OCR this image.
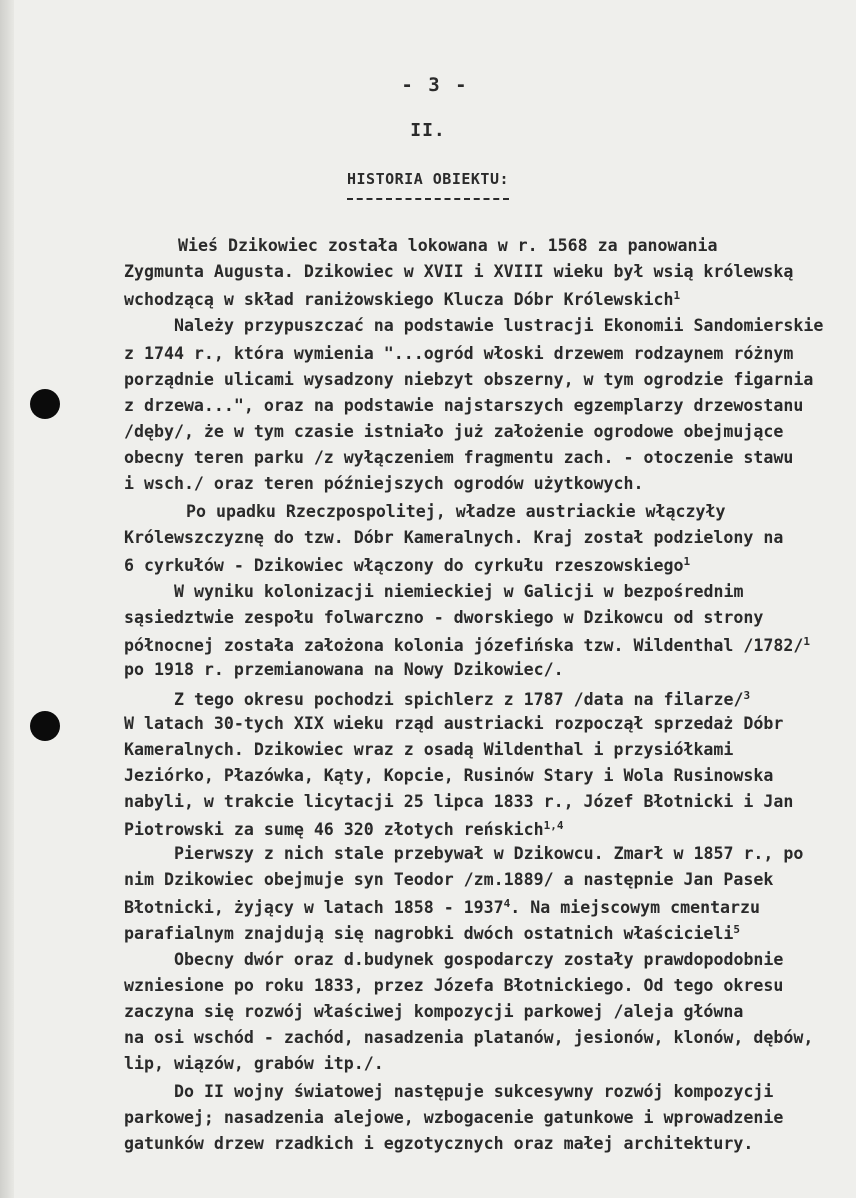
- 3 -
II.
HISTORIA OBIEKTU:
Wieś Dzikowiec została lokowana w r. 1568 za panowania
Zygmunta Augusta. Dzikowiec w XVII i XVIII wieku był wsią królewską
wchodzącą w skład raniżowskiego Klucza Dóbr Królewskich$^1$
Należy przypuszczać na podstawie lustracji Ekonomii Sandomierskie
z 1744 r., która wymienia "...ogród włoski drzewem rodzaynem różnym
porządnie ulicami wysadzony niebzyt obszerny, w tym ogrodzie figarnia
z drzewa...", oraz na podstawie najstarszych egzemplarzy drzewostanu
/dęby/, że w tym czasie istniało już założenie ogrodowe obejmujące
obecny teren parku /z wyłączeniem fragmentu zach. - otoczenie stawu
i wsch./ oraz teren późniejszych ogrodów użytkowych.
Po upadku Rzeczpospolitej, władze austriackie włączyły
Królewszczyznę do tzw. Dóbr Kameralnych. Kraj został podzielony na
6 cyrkułów - Dzikowiec włączony do cyrkułu rzeszowskiego$^1$
W wyniku kolonizacji niemieckiej w Galicji w bezpośrednim
sąsiedztwie zespołu folwarczno - dworskiego w Dzikowcu od strony
północnej została założona kolonia józefińska tzw. Wildenthal /1782/$^1$
po 1918 r. przemianowana na Nowy Dzikowiec/.
Z tego okresu pochodzi spichlerz z 1787 /data na filarze/$^3$
W latach 30-tych XIX wieku rząd austriacki rozpoczął sprzedaż Dóbr
Kameralnych. Dzikowiec wraz z osadą Wildenthal i przysiółkami
Jeziórko, Płazówka, Kąty, Kopcie, Rusinów Stary i Wola Rusinowska
nabyli, w trakcie licytacji 25 lipca 1833 r., Józef Błotnicki i Jan
Piotrowski za sumę 46 320 złotych reńskich$^{1,4}$
Pierwszy z nich stale przebywał w Dzikowcu. Zmarł w 1857 r., po
nim Dzikowiec obejmuje syn Teodor /zm.1889/ a następnie Jan Pasek
Błotnicki, żyjący w latach 1858 - 1937$^4$. Na miejscowym cmentarzu
parafialnym znajdują się nagrobki dwóch ostatnich właścicieli$^5$
Obecny dwór oraz d.budynek gospodarczy zostały prawdopodobnie
wzniesione po roku 1833, przez Józefa Błotnickiego. Od tego okresu
zaczyna się rozwój właściwej kompozycji parkowej /aleja główna
na osi wschód - zachód, nasadzenia platanów, jesionów, klonów, dębów,
lip, wiązów, grabów itp./.
Do II wojny światowej następuje sukcesywny rozwój kompozycji
parkowej; nasadzenia alejowe, wzbogacenie gatunkowe i wprowadzenie
gatunków drzew rzadkich i egzotycznych oraz małej architektury.
